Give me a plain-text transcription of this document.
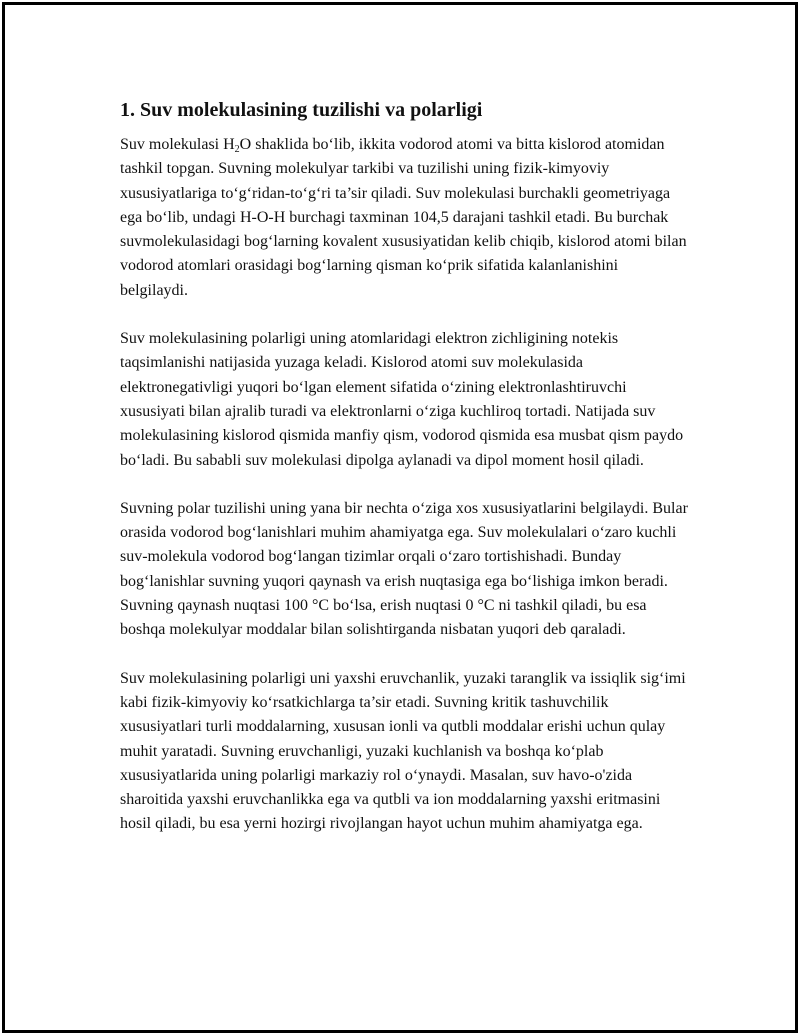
1. Suv molekulasining tuzilishi va polarligi

Suv molekulasi $H_2O$ shaklida bo‘lib, ikkita vodorod atomi va bitta kislorod atomidan tashkil topgan. Suvning molekulyar tarkibi va tuzilishi uning fizik-kimyoviy xususiyatlariga to‘g‘ridan-to‘g‘ri ta’sir qiladi. Suv molekulasi burchakli geometriyaga ega bo‘lib, undagi H-O-H burchagi taxminan 104,5 darajani tashkil etadi. Bu burchak suvmolekulasidagi bog‘larning kovalent xususiyatidan kelib chiqib, kislorod atomi bilan vodorod atomlari orasidagi bog‘larning qisman ko‘prik sifatida kalanlanishini belgilaydi.

Suv molekulasining polarligi uning atomlaridagi elektron zichligining notekis taqsimlanishi natijasida yuzaga keladi. Kislorod atomi suv molekulasida elektronegativligi yuqori bo‘lgan element sifatida o‘zining elektronlashtiruvchi xususiyati bilan ajralib turadi va elektronlarni o‘ziga kuchliroq tortadi. Natijada suv molekulasining kislorod qismida manfiy qism, vodorod qismida esa musbat qism paydo bo‘ladi. Bu sababli suv molekulasi dipolga aylanadi va dipol moment hosil qiladi.

Suvning polar tuzilishi uning yana bir nechta o‘ziga xos xususiyatlarini belgilaydi. Bular orasida vodorod bog‘lanishlari muhim ahamiyatga ega. Suv molekulalari o‘zaro kuchli suv-molekula vodorod bog‘langan tizimlar orqali o‘zaro tortishishadi. Bunday bog‘lanishlar suvning yuqori qaynash va erish nuqtasiga ega bo‘lishiga imkon beradi. Suvning qaynash nuqtasi 100 °C bo‘lsa, erish nuqtasi 0 °C ni tashkil qiladi, bu esa boshqa molekulyar moddalar bilan solishtirganda nisbatan yuqori deb qaraladi.

Suv molekulasining polarligi uni yaxshi eruvchanlik, yuzaki taranglik va issiqlik sig‘imi kabi fizik-kimyoviy ko‘rsatkichlarga ta’sir etadi. Suvning kritik tashuvchilik xususiyatlari turli moddalarning, xususan ionli va qutbli moddalar erishi uchun qulay muhit yaratadi. Suvning eruvchanligi, yuzaki kuchlanish va boshqa ko‘plab xususiyatlarida uning polarligi markaziy rol o‘ynaydi. Masalan, suv havo-o'zida sharoitida yaxshi eruvchanlikka ega va qutbli va ion moddalarning yaxshi eritmasini hosil qiladi, bu esa yerni hozirgi rivojlangan hayot uchun muhim ahamiyatga ega.
